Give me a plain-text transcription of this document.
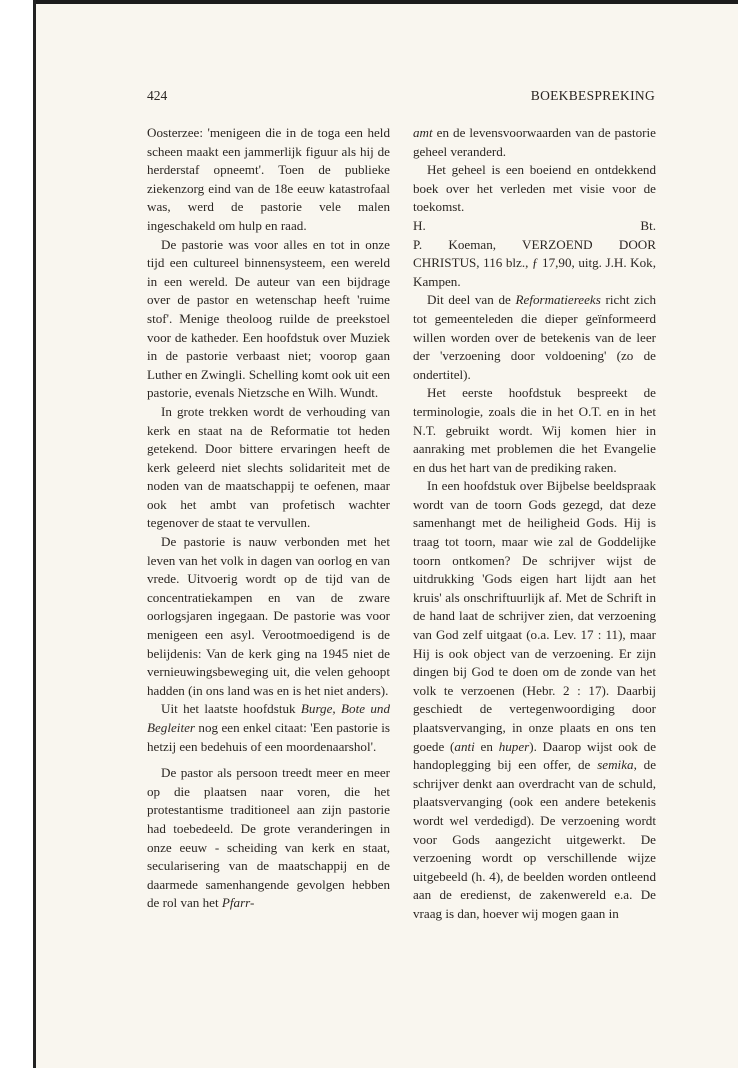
424	BOEKBESPREKING

Oosterzee: 'menigeen die in de toga een held scheen maakt een jammerlijk figuur als hij de herderstaf opneemt'. Toen de publieke ziekenzorg eind van de 18e eeuw katastrofaal was, werd de pastorie vele malen ingeschakeld om hulp en raad.

De pastorie was voor alles en tot in onze tijd een cultureel binnensysteem, een wereld in een wereld. De auteur van een bijdrage over de pastor en wetenschap heeft 'ruime stof'. Menige theoloog ruilde de preekstoel voor de katheder. Een hoofdstuk over Muziek in de pastorie verbaast niet; voorop gaan Luther en Zwingli. Schelling komt ook uit een pastorie, evenals Nietzsche en Wilh. Wundt.

In grote trekken wordt de verhouding van kerk en staat na de Reformatie tot heden getekend. Door bittere ervaringen heeft de kerk geleerd niet slechts solidariteit met de noden van de maatschappij te oefenen, maar ook het ambt van profetisch wachter tegenover de staat te vervullen.

De pastorie is nauw verbonden met het leven van het volk in dagen van oorlog en van vrede. Uitvoerig wordt op de tijd van de concentratiekampen en van de zware oorlogsjaren ingegaan. De pastorie was voor menigeen een asyl. Verootmoedigend is de belijdenis: Van de kerk ging na 1945 niet de vernieuwingsbeweging uit, die velen gehoopt hadden (in ons land was en is het niet anders).

Uit het laatste hoofdstuk Burge, Bote und Begleiter nog een enkel citaat: 'Een pastorie is hetzij een bedehuis of een moordenaarshol'.

De pastor als persoon treedt meer en meer op die plaatsen naar voren, die het protestantisme traditioneel aan zijn pastorie had toebedeeld. De grote veranderingen in onze eeuw - scheiding van kerk en staat, secularisering van de maatschappij en de daarmede samenhangende gevolgen hebben de rol van het Pfarr-

amt en de levensvoorwaarden van de pastorie geheel veranderd.

Het geheel is een boeiend en ontdekkend boek over het verleden met visie voor de toekomst.

H.	Bt.

P. Koeman, VERZOEND DOOR CHRISTUS, 116 blz., ƒ 17,90, uitg. J.H. Kok, Kampen.

Dit deel van de Reformatiereeks richt zich tot gemeenteleden die dieper geïnformeerd willen worden over de betekenis van de leer der 'verzoening door voldoening' (zo de ondertitel).

Het eerste hoofdstuk bespreekt de terminologie, zoals die in het O.T. en in het N.T. gebruikt wordt. Wij komen hier in aanraking met problemen die het Evangelie en dus het hart van de prediking raken.

In een hoofdstuk over Bijbelse beeldspraak wordt van de toorn Gods gezegd, dat deze samenhangt met de heiligheid Gods. Hij is traag tot toorn, maar wie zal de Goddelijke toorn ontkomen? De schrijver wijst de uitdrukking 'Gods eigen hart lijdt aan het kruis' als onschriftuurlijk af. Met de Schrift in de hand laat de schrijver zien, dat verzoening van God zelf uitgaat (o.a. Lev. 17 : 11), maar Hij is ook object van de verzoening. Er zijn dingen bij God te doen om de zonde van het volk te verzoenen (Hebr. 2 : 17). Daarbij geschiedt de vertegenwoordiging door plaatsvervanging, in onze plaats en ons ten goede (anti en huper). Daarop wijst ook de handoplegging bij een offer, de semika, de schrijver denkt aan overdracht van de schuld, plaatsvervanging (ook een andere betekenis wordt wel verdedigd). De verzoening wordt voor Gods aangezicht uitgewerkt. De verzoening wordt op verschillende wijze uitgebeeld (h. 4), de beelden worden ontleend aan de eredienst, de zakenwereld e.a. De vraag is dan, hoever wij mogen gaan in
